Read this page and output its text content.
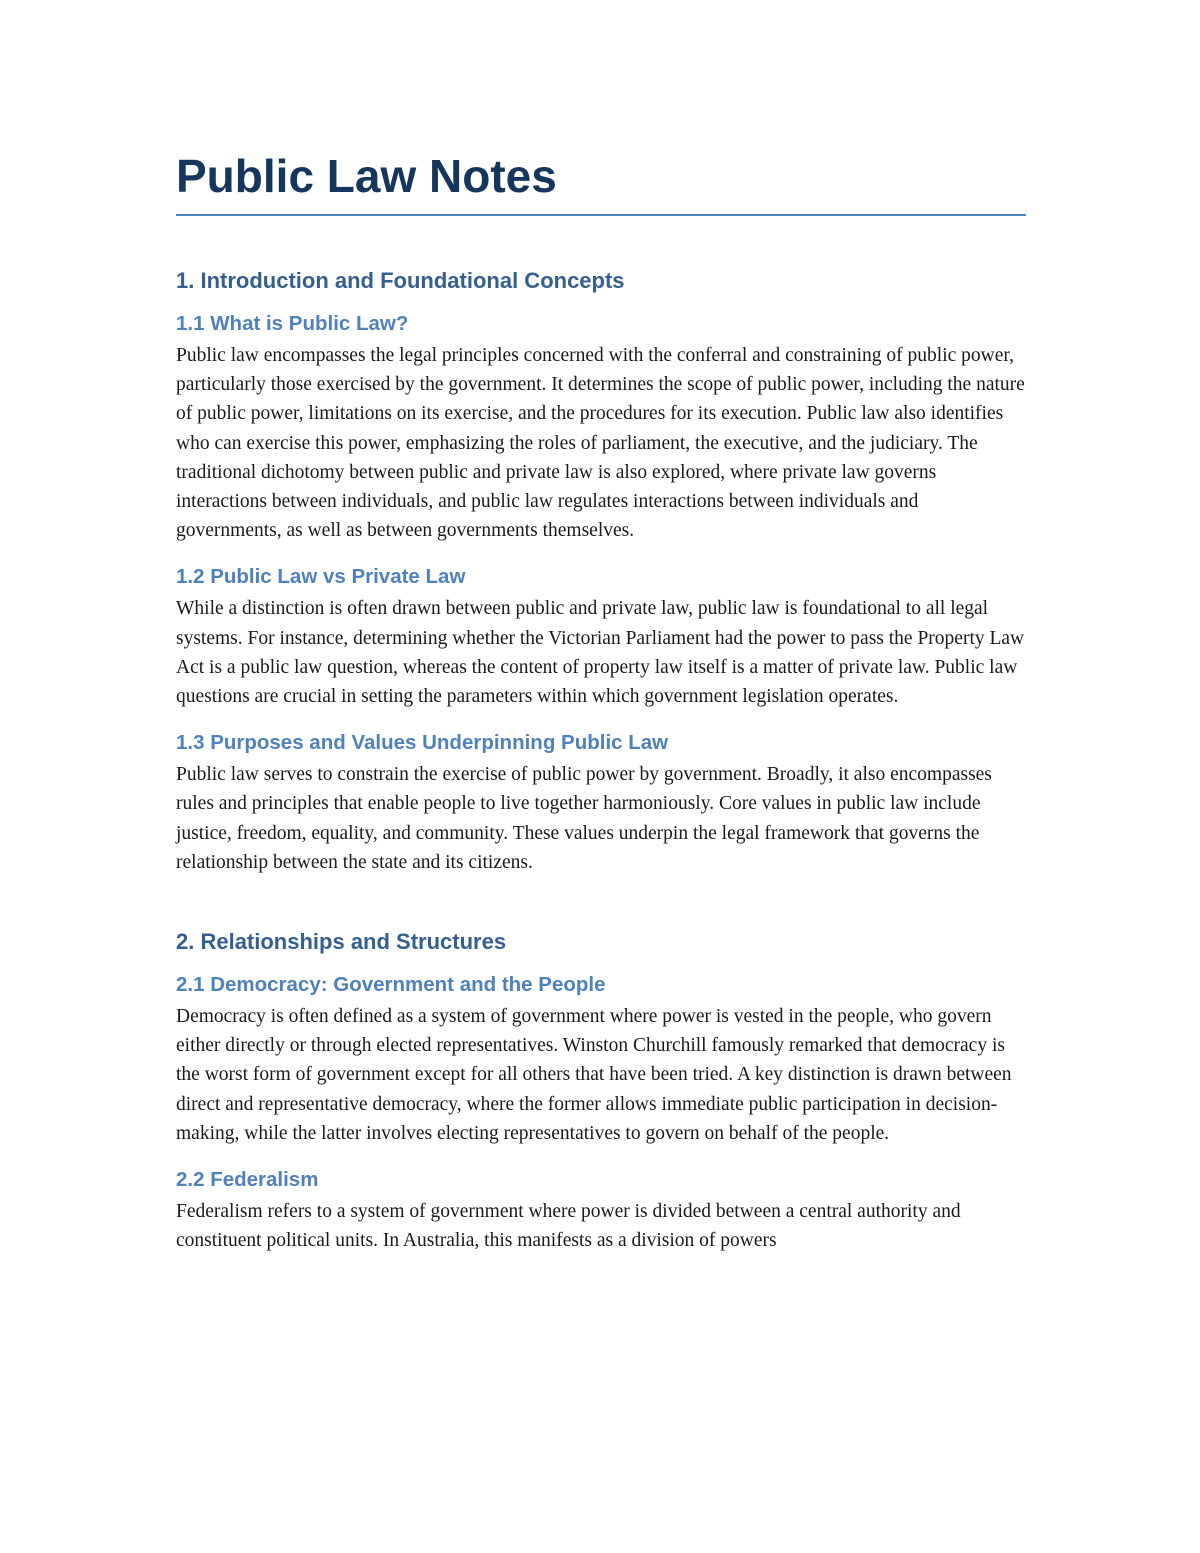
Public Law Notes
1. Introduction and Foundational Concepts
1.1 What is Public Law?

Public law encompasses the legal principles concerned with the conferral and constraining of public power, particularly those exercised by the government. It determines the scope of public power, including the nature of public power, limitations on its exercise, and the procedures for its execution. Public law also identifies who can exercise this power, emphasizing the roles of parliament, the executive, and the judiciary. The traditional dichotomy between public and private law is also explored, where private law governs interactions between individuals, and public law regulates interactions between individuals and governments, as well as between governments themselves.

1.2 Public Law vs Private Law

While a distinction is often drawn between public and private law, public law is foundational to all legal systems. For instance, determining whether the Victorian Parliament had the power to pass the Property Law Act is a public law question, whereas the content of property law itself is a matter of private law. Public law questions are crucial in setting the parameters within which government legislation operates.

1.3 Purposes and Values Underpinning Public Law

Public law serves to constrain the exercise of public power by government. Broadly, it also encompasses rules and principles that enable people to live together harmoniously. Core values in public law include justice, freedom, equality, and community. These values underpin the legal framework that governs the relationship between the state and its citizens.

2. Relationships and Structures
2.1 Democracy: Government and the People

Democracy is often defined as a system of government where power is vested in the people, who govern either directly or through elected representatives. Winston Churchill famously remarked that democracy is the worst form of government except for all others that have been tried. A key distinction is drawn between direct and representative democracy, where the former allows immediate public participation in decision-making, while the latter involves electing representatives to govern on behalf of the people.

2.2 Federalism

Federalism refers to a system of government where power is divided between a central authority and constituent political units. In Australia, this manifests as a division of powers
